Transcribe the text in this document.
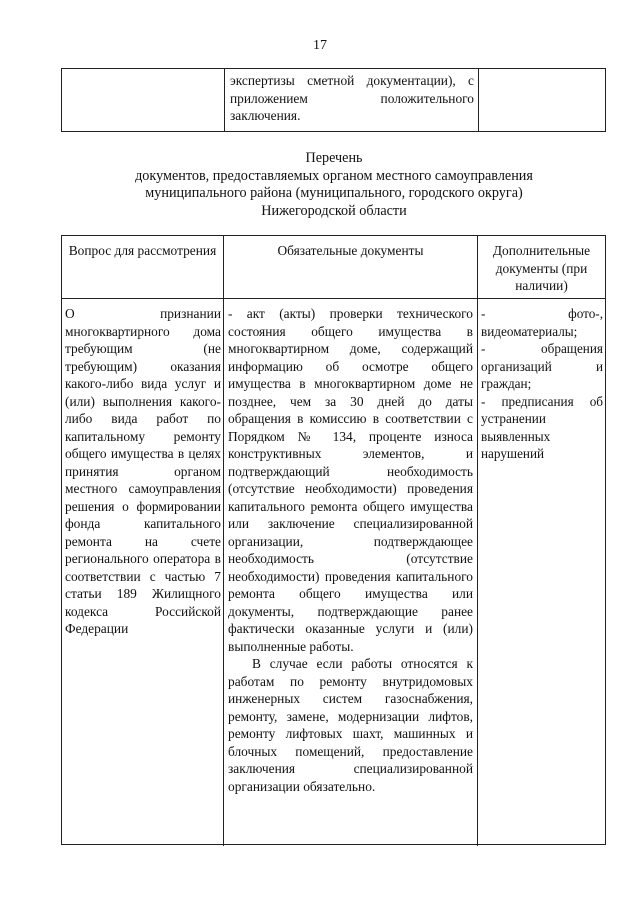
17
экспертизы сметной документации), с приложением положительного заключения.
Перечень
документов, предоставляемых органом местного самоуправления
муниципального района (муниципального, городского округа)
Нижегородской области
Вопрос для рассмотрения	Обязательные документы	Дополнительные документы (при наличии)

О признании многоквартирного дома требующим (не требующим) оказания какого-либо вида услуг и (или) выполнения какого-либо вида работ по капитальному ремонту общего имущества в целях принятия органом местного самоуправления решения о формировании фонда капитального ремонта на счете регионального оператора в соответствии с частью 7 статьи 189 Жилищного кодекса Российской Федерации

- акт (акты) проверки технического состояния общего имущества в многоквартирном доме, содержащий информацию об осмотре общего имущества в многоквартирном доме не позднее, чем за 30 дней до даты обращения в комиссию в соответствии с Порядком № 134, проценте износа конструктивных элементов, и подтверждающий необходимость (отсутствие необходимости) проведения капитального ремонта общего имущества или заключение специализированной организации, подтверждающее необходимость (отсутствие необходимости) проведения капитального ремонта общего имущества или документы, подтверждающие ранее фактически оказанные услуги и (или) выполненные работы.

В случае если работы относятся к работам по ремонту внутридомовых инженерных систем газоснабжения, ремонту, замене, модернизации лифтов, ремонту лифтовых шахт, машинных и блочных помещений, предоставление заключения специализированной организации обязательно.

- фото-, видеоматериалы;

- обращения организаций и граждан;

- предписания об устранении выявленных нарушений
